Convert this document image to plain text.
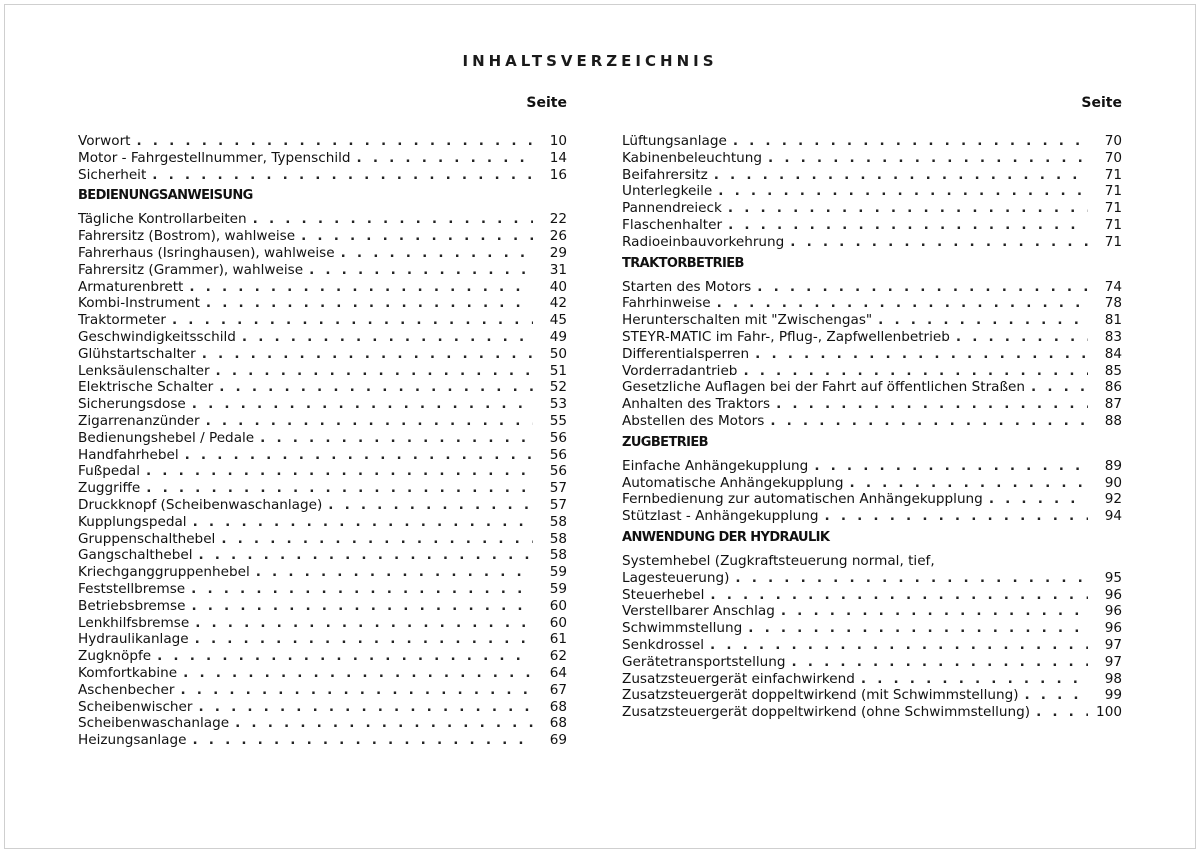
INHALTSVERZEICHNIS
Seite
Vorwort . . .	10
Motor - Fahrgestellnummer, Typenschild . . .	14
Sicherheit . . .	16
BEDIENUNGSANWEISUNG
Tägliche Kontrollarbeiten . . .	22
Fahrersitz (Bostrom), wahlweise . . .	26
Fahrerhaus (Isringhausen), wahlweise . . .	29
Fahrersitz (Grammer), wahlweise . . .	31
Armaturenbrett . . .	40
Kombi-Instrument . . .	42
Traktormeter . . .	45
Geschwindigkeitsschild . . .	49
Glühstartschalter . . .	50
Lenksäulenschalter . . .	51
Elektrische Schalter . . .	52
Sicherungsdose . . .	53
Zigarrenanzünder . . .	55
Bedienungshebel / Pedale . . .	56
Handfahrhebel . . .	56
Fußpedal . . .	56
Zuggriffe . . .	57
Druckknopf (Scheibenwaschanlage) . . .	57
Kupplungspedal . . .	58
Gruppenschalthebel . . .	58
Gangschalthebel . . .	58
Kriechganggruppenhebel . . .	59
Feststellbremse . . .	59
Betriebsbremse . . .	60
Lenkhilfsbremse . . .	60
Hydraulikanlage . . .	61
Zugknöpfe . . .	62
Komfortkabine . . .	64
Aschenbecher . . .	67
Scheibenwischer . . .	68
Scheibenwaschanlage . . .	68
Heizungsanlage . . .	69
Seite
Lüftungsanlage . . .	70
Kabinenbeleuchtung . . .	70
Beifahrersitz . . .	71
Unterlegkeile . . .	71
Pannendreieck . . .	71
Flaschenhalter . . .	71
Radioeinbauvorkehrung . . .	71
TRAKTORBETRIEB
Starten des Motors . . .	74
Fahrhinweise . . .	78
Herunterschalten mit "Zwischengas" . . .	81
STEYR-MATIC im Fahr-, Pflug-, Zapfwellenbetrieb . . .	83
Differentialsperren . . .	84
Vorderradantrieb . . .	85
Gesetzliche Auflagen bei der Fahrt auf öffentlichen Straßen . . .	86
Anhalten des Traktors . . .	87
Abstellen des Motors . . .	88
ZUGBETRIEB
Einfache Anhängekupplung . . .	89
Automatische Anhängekupplung . . .	90
Fernbedienung zur automatischen Anhängekupplung . . .	92
Stützlast - Anhängekupplung . . .	94
ANWENDUNG DER HYDRAULIK
Systemhebel (Zugkraftsteuerung normal, tief,
Lagesteuerung) . . .	95
Steuerhebel . . .	96
Verstellbarer Anschlag . . .	96
Schwimmstellung . . .	96
Senkdrossel . . .	97
Gerätetransportstellung . . .	97
Zusatzsteuergerät einfachwirkend . . .	98
Zusatzsteuergerät doppeltwirkend (mit Schwimmstellung) . . .	99
Zusatzsteuergerät doppeltwirkend (ohne Schwimmstellung) . . .	100
